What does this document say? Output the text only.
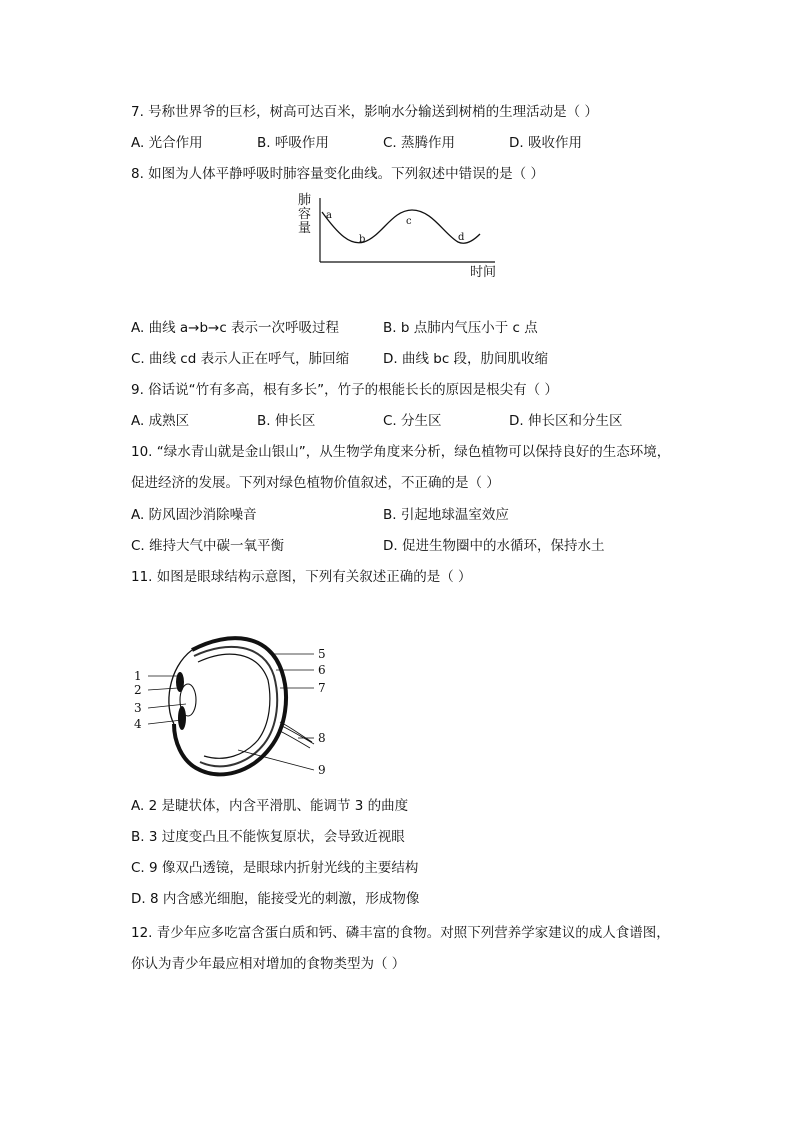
7. 号称世界爷的巨杉，树高可达百米，影响水分输送到树梢的生理活动是（ ）
A. 光合作用	B. 呼吸作用	C. 蒸腾作用	D. 吸收作用
8. 如图为人体平静呼吸时肺容量变化曲线。下列叙述中错误的是（ ）
肺
容
量
时间
a
b
c
d
A. 曲线 a→b→c 表示一次呼吸过程	B. b 点肺内气压小于 c 点
C. 曲线 cd 表示人正在呼气，肺回缩	D. 曲线 bc 段，肋间肌收缩
9. 俗话说“竹有多高，根有多长”，竹子的根能长长的原因是根尖有（ ）
A. 成熟区	B. 伸长区	C. 分生区	D. 伸长区和分生区
10. “绿水青山就是金山银山”，从生物学角度来分析，绿色植物可以保持良好的生态环境，
促进经济的发展。下列对绿色植物价值叙述，不正确的是（ ）
A. 防风固沙消除噪音	B. 引起地球温室效应
C. 维持大气中碳一氧平衡	D. 促进生物圈中的水循环，保持水土
11. 如图是眼球结构示意图，下列有关叙述正确的是（ ）
1
2
3
4
5
6
7
8
9
A. 2 是睫状体，内含平滑肌、能调节 3 的曲度
B. 3 过度变凸且不能恢复原状，会导致近视眼
C. 9 像双凸透镜，是眼球内折射光线的主要结构
D. 8 内含感光细胞，能接受光的刺激，形成物像
12. 青少年应多吃富含蛋白质和钙、磷丰富的食物。对照下列营养学家建议的成人食谱图，
你认为青少年最应相对增加的食物类型为（ ）
